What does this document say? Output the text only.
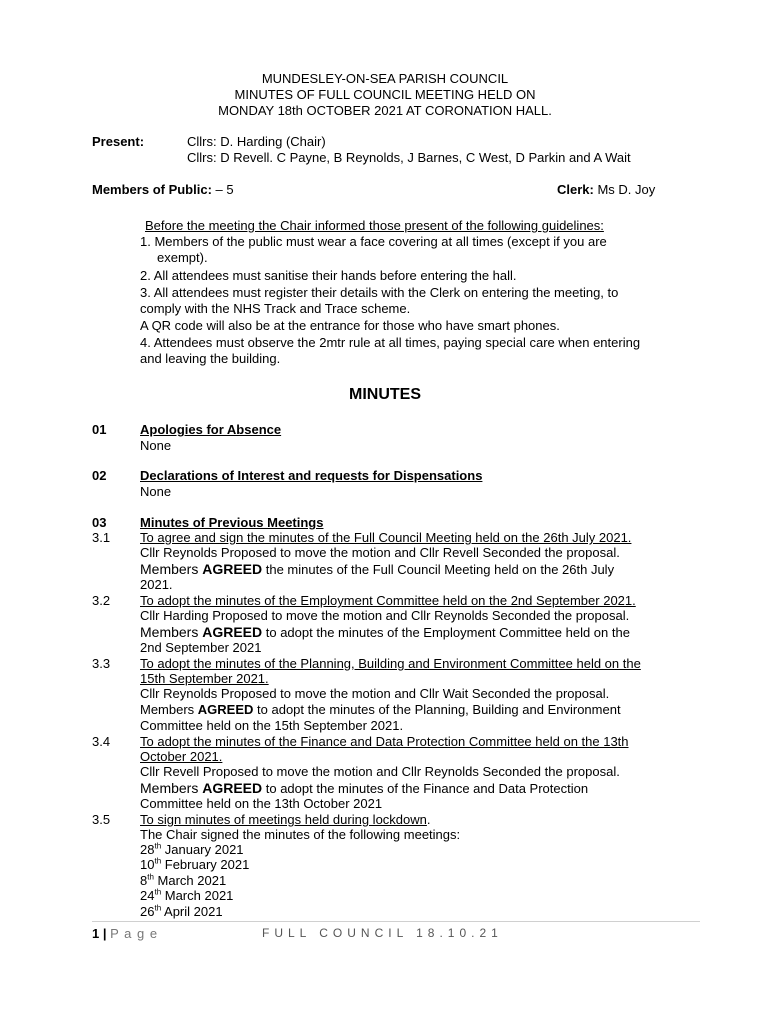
MUNDESLEY-ON-SEA PARISH COUNCIL
MINUTES OF FULL COUNCIL MEETING HELD ON
MONDAY 18th OCTOBER 2021 AT CORONATION HALL.
Present:	Cllrs: D. Harding (Chair)
Cllrs: D Revell. C Payne, B Reynolds, J Barnes, C West, D Parkin and A Wait
Members of Public: – 5	Clerk: Ms D. Joy
Before the meeting the Chair informed those present of the following guidelines:
1. Members of the public must wear a face covering at all times (except if you are
exempt).
2. All attendees must sanitise their hands before entering the hall.
3. All attendees must register their details with the Clerk on entering the meeting, to
comply with the NHS Track and Trace scheme.
A QR code will also be at the entrance for those who have smart phones.
4. Attendees must observe the 2mtr rule at all times, paying special care when entering
and leaving the building.
MINUTES
01	Apologies for Absence
None
02	Declarations of Interest and requests for Dispensations
None
03	Minutes of Previous Meetings
3.1 To agree and sign the minutes of the Full Council Meeting held on the 26th July 2021.
Cllr Reynolds Proposed to move the motion and Cllr Revell Seconded the proposal.
Members AGREED the minutes of the Full Council Meeting held on the 26th July
2021.
3.2 To adopt the minutes of the Employment Committee held on the 2nd September 2021.
Cllr Harding Proposed to move the motion and Cllr Reynolds Seconded the proposal.
Members AGREED to adopt the minutes of the Employment Committee held on the
2nd September 2021
3.3 To adopt the minutes of the Planning, Building and Environment Committee held on the
15th September 2021.
Cllr Reynolds Proposed to move the motion and Cllr Wait Seconded the proposal.
Members AGREED to adopt the minutes of the Planning, Building and Environment
Committee held on the 15th September 2021.
3.4 To adopt the minutes of the Finance and Data Protection Committee held on the 13th
October 2021.
Cllr Revell Proposed to move the motion and Cllr Reynolds Seconded the proposal.
Members AGREED to adopt the minutes of the Finance and Data Protection
Committee held on the 13th October 2021
3.5 To sign minutes of meetings held during lockdown.
The Chair signed the minutes of the following meetings:
28th January 2021
10th February 2021
8th March 2021
24th March 2021
26th April 2021
1 | P a g e	FULL COUNCIL 18.10.21
